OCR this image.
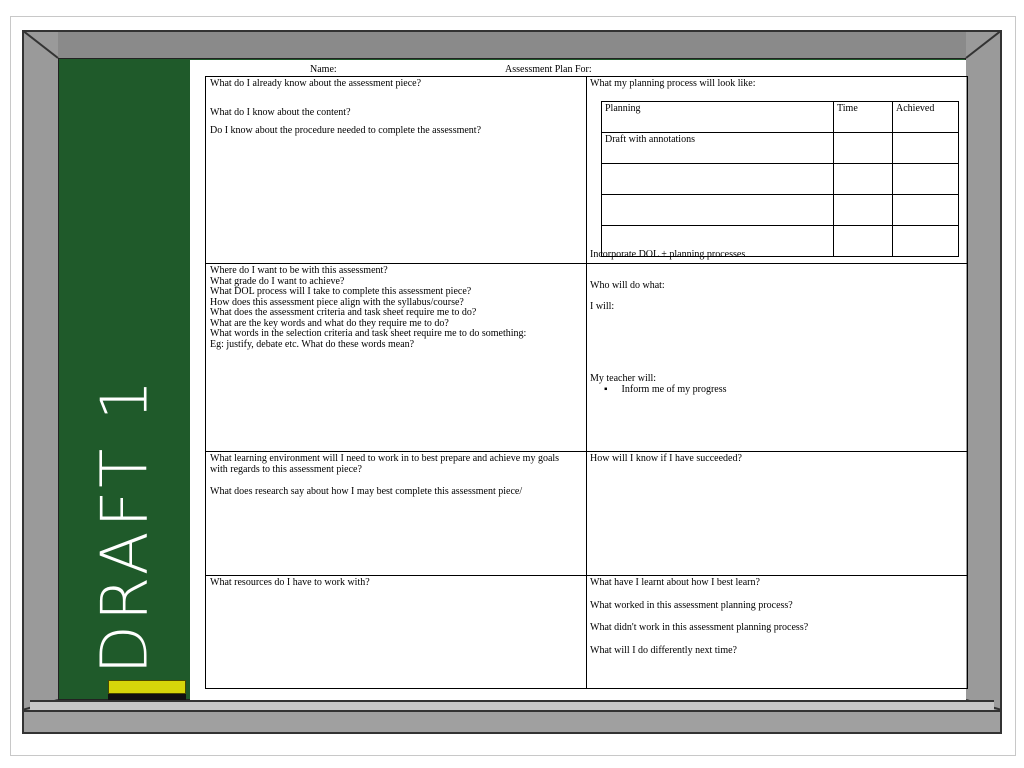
DRAFT 1
Name:	Assessment Plan For:

What do I already know about the assessment piece?

What do I know about the content?

Do I know about the procedure needed to complete the assessment?

What my planning process will look like:

Planning	Time	Achieved
Draft with annotations		

Incorporate DOL + planning processes

Where do I want to be with this assessment?

What grade do I want to achieve?

What DOL process will I take to complete this assessment piece?

How does this assessment piece align with the syllabus/course?

What does the assessment criteria and task sheet require me to do?

What are the key words and what do they require me to do?

What words in the selection criteria and task sheet require me to do something:

Eg: justify, debate etc. What do these words mean?

Who will do what:

I will:

My teacher will:

▪ Inform me of my progress

What learning environment will I need to work in to best prepare and achieve my goals with regards to this assessment piece?

What does research say about how I may best complete this assessment piece/

How will I know if I have succeeded?

What resources do I have to work with?	What have I learnt about how I best learn?

What worked in this assessment planning process?

What didn't work in this assessment planning process?

What will I do differently next time?
